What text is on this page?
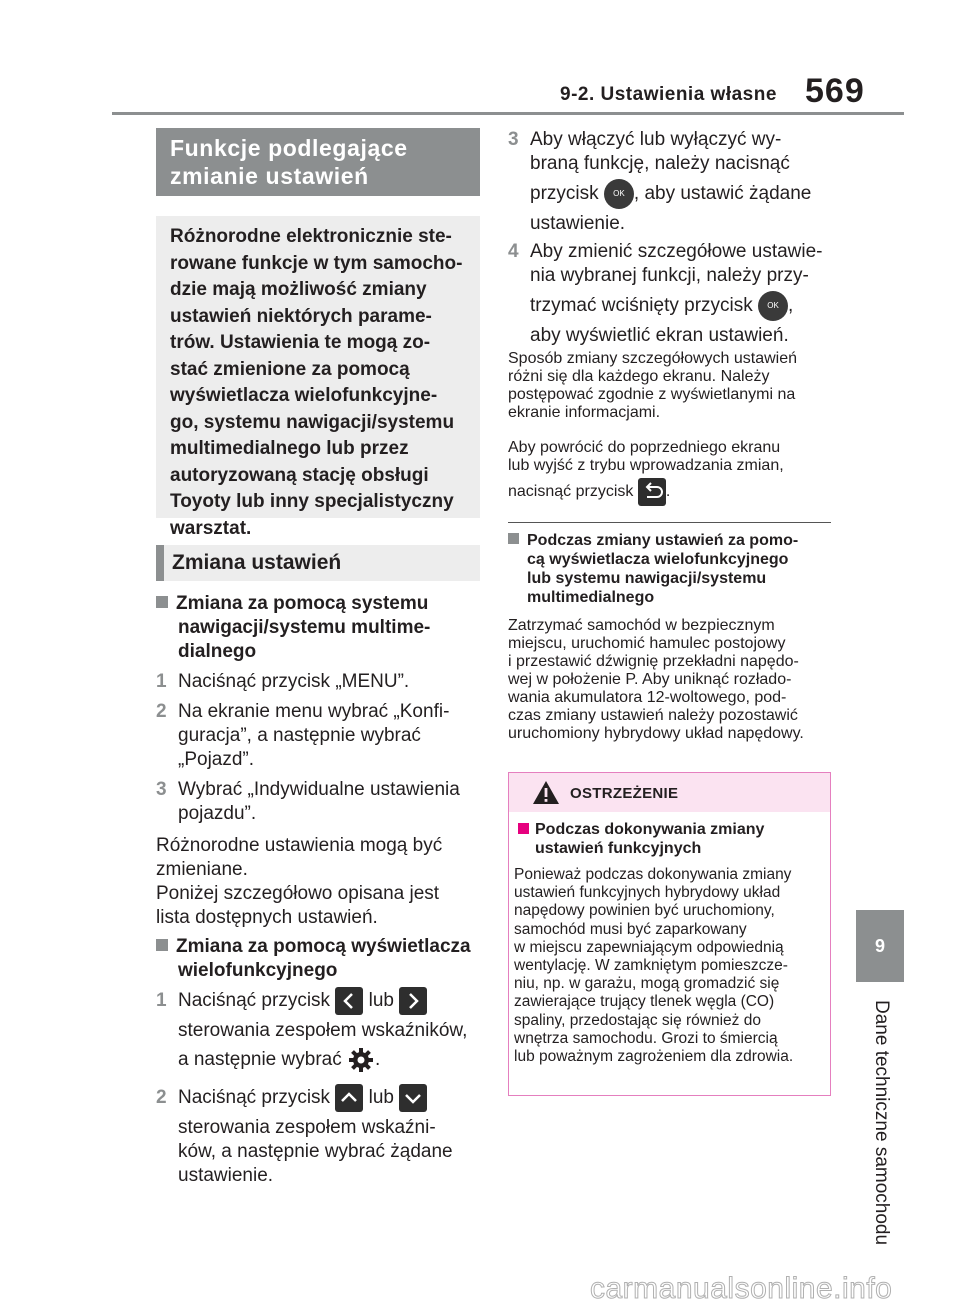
9-2. Ustawienia własne 569
9
Dane techniczne samochodu
Funkcje podlegające
zmianie ustawień
Różnorodne elektronicznie ste-
rowane funkcje w tym samocho-
dzie mają możliwość zmiany
ustawień niektórych parame-
trów. Ustawienia te mogą zo-
stać zmienione za pomocą
wyświetlacza wielofunkcyjne-
go, systemu nawigacji/systemu
multimedialnego lub przez
autoryzowaną stację obsługi
Toyoty lub inny specjalistyczny
warsztat.
Zmiana ustawień
Zmiana za pomocą systemu
nawigacji/systemu multime-
dialnego
1 Naciśnąć przycisk „MENU”.
2 Na ekranie menu wybrać „Konfi-
guracja”, a następnie wybrać
„Pojazd”.
3 Wybrać „Indywidualne ustawienia
pojazdu”.
Różnorodne ustawienia mogą być
zmieniane.
Poniżej szczegółowo opisana jest
lista dostępnych ustawień.
Zmiana za pomocą wyświetlacza
wielofunkcyjnego
1 Naciśnąć przycisk lub
sterowania zespołem wskaźników,
a następnie wybrać .
2 Naciśnąć przycisk lub
sterowania zespołem wskaźni-
ków, a następnie wybrać żądane
ustawienie.
3 Aby włączyć lub wyłączyć wy-
braną funkcję, należy nacisnąć
przycisk OK , aby ustawić żądane
ustawienie.
4 Aby zmienić szczegółowe ustawie-
nia wybranej funkcji, należy przy-
trzymać wciśnięty przycisk OK ,
aby wyświetlić ekran ustawień.
Sposób zmiany szczegółowych ustawień
różni się dla każdego ekranu. Należy
postępować zgodnie z wyświetlanymi na
ekranie informacjami.
Aby powrócić do poprzedniego ekranu
lub wyjść z trybu wprowadzania zmian,
nacisnąć przycisk .
Podczas zmiany ustawień za pomo-
cą wyświetlacza wielofunkcyjnego
lub systemu nawigacji/systemu
multimedialnego
Zatrzymać samochód w bezpiecznym
miejscu, uruchomić hamulec postojowy
i przestawić dźwignię przekładni napędo-
wej w położenie P. Aby uniknąć rozłado-
wania akumulatora 12-woltowego, pod-
czas zmiany ustawień należy pozostawić
uruchomiony hybrydowy układ napędowy.
OSTRZEŻENIE
Podczas dokonywania zmiany
ustawień funkcyjnych
Ponieważ podczas dokonywania zmiany
ustawień funkcyjnych hybrydowy układ
napędowy powinien być uruchomiony,
samochód musi być zaparkowany
w miejscu zapewniającym odpowiednią
wentylację. W zamkniętym pomieszcze-
niu, np. w garażu, mogą gromadzić się
zawierające trujący tlenek węgla (CO)
spaliny, przedostając się również do
wnętrza samochodu. Grozi to śmiercią
lub poważnym zagrożeniem dla zdrowia.
carmanualsonline.info
